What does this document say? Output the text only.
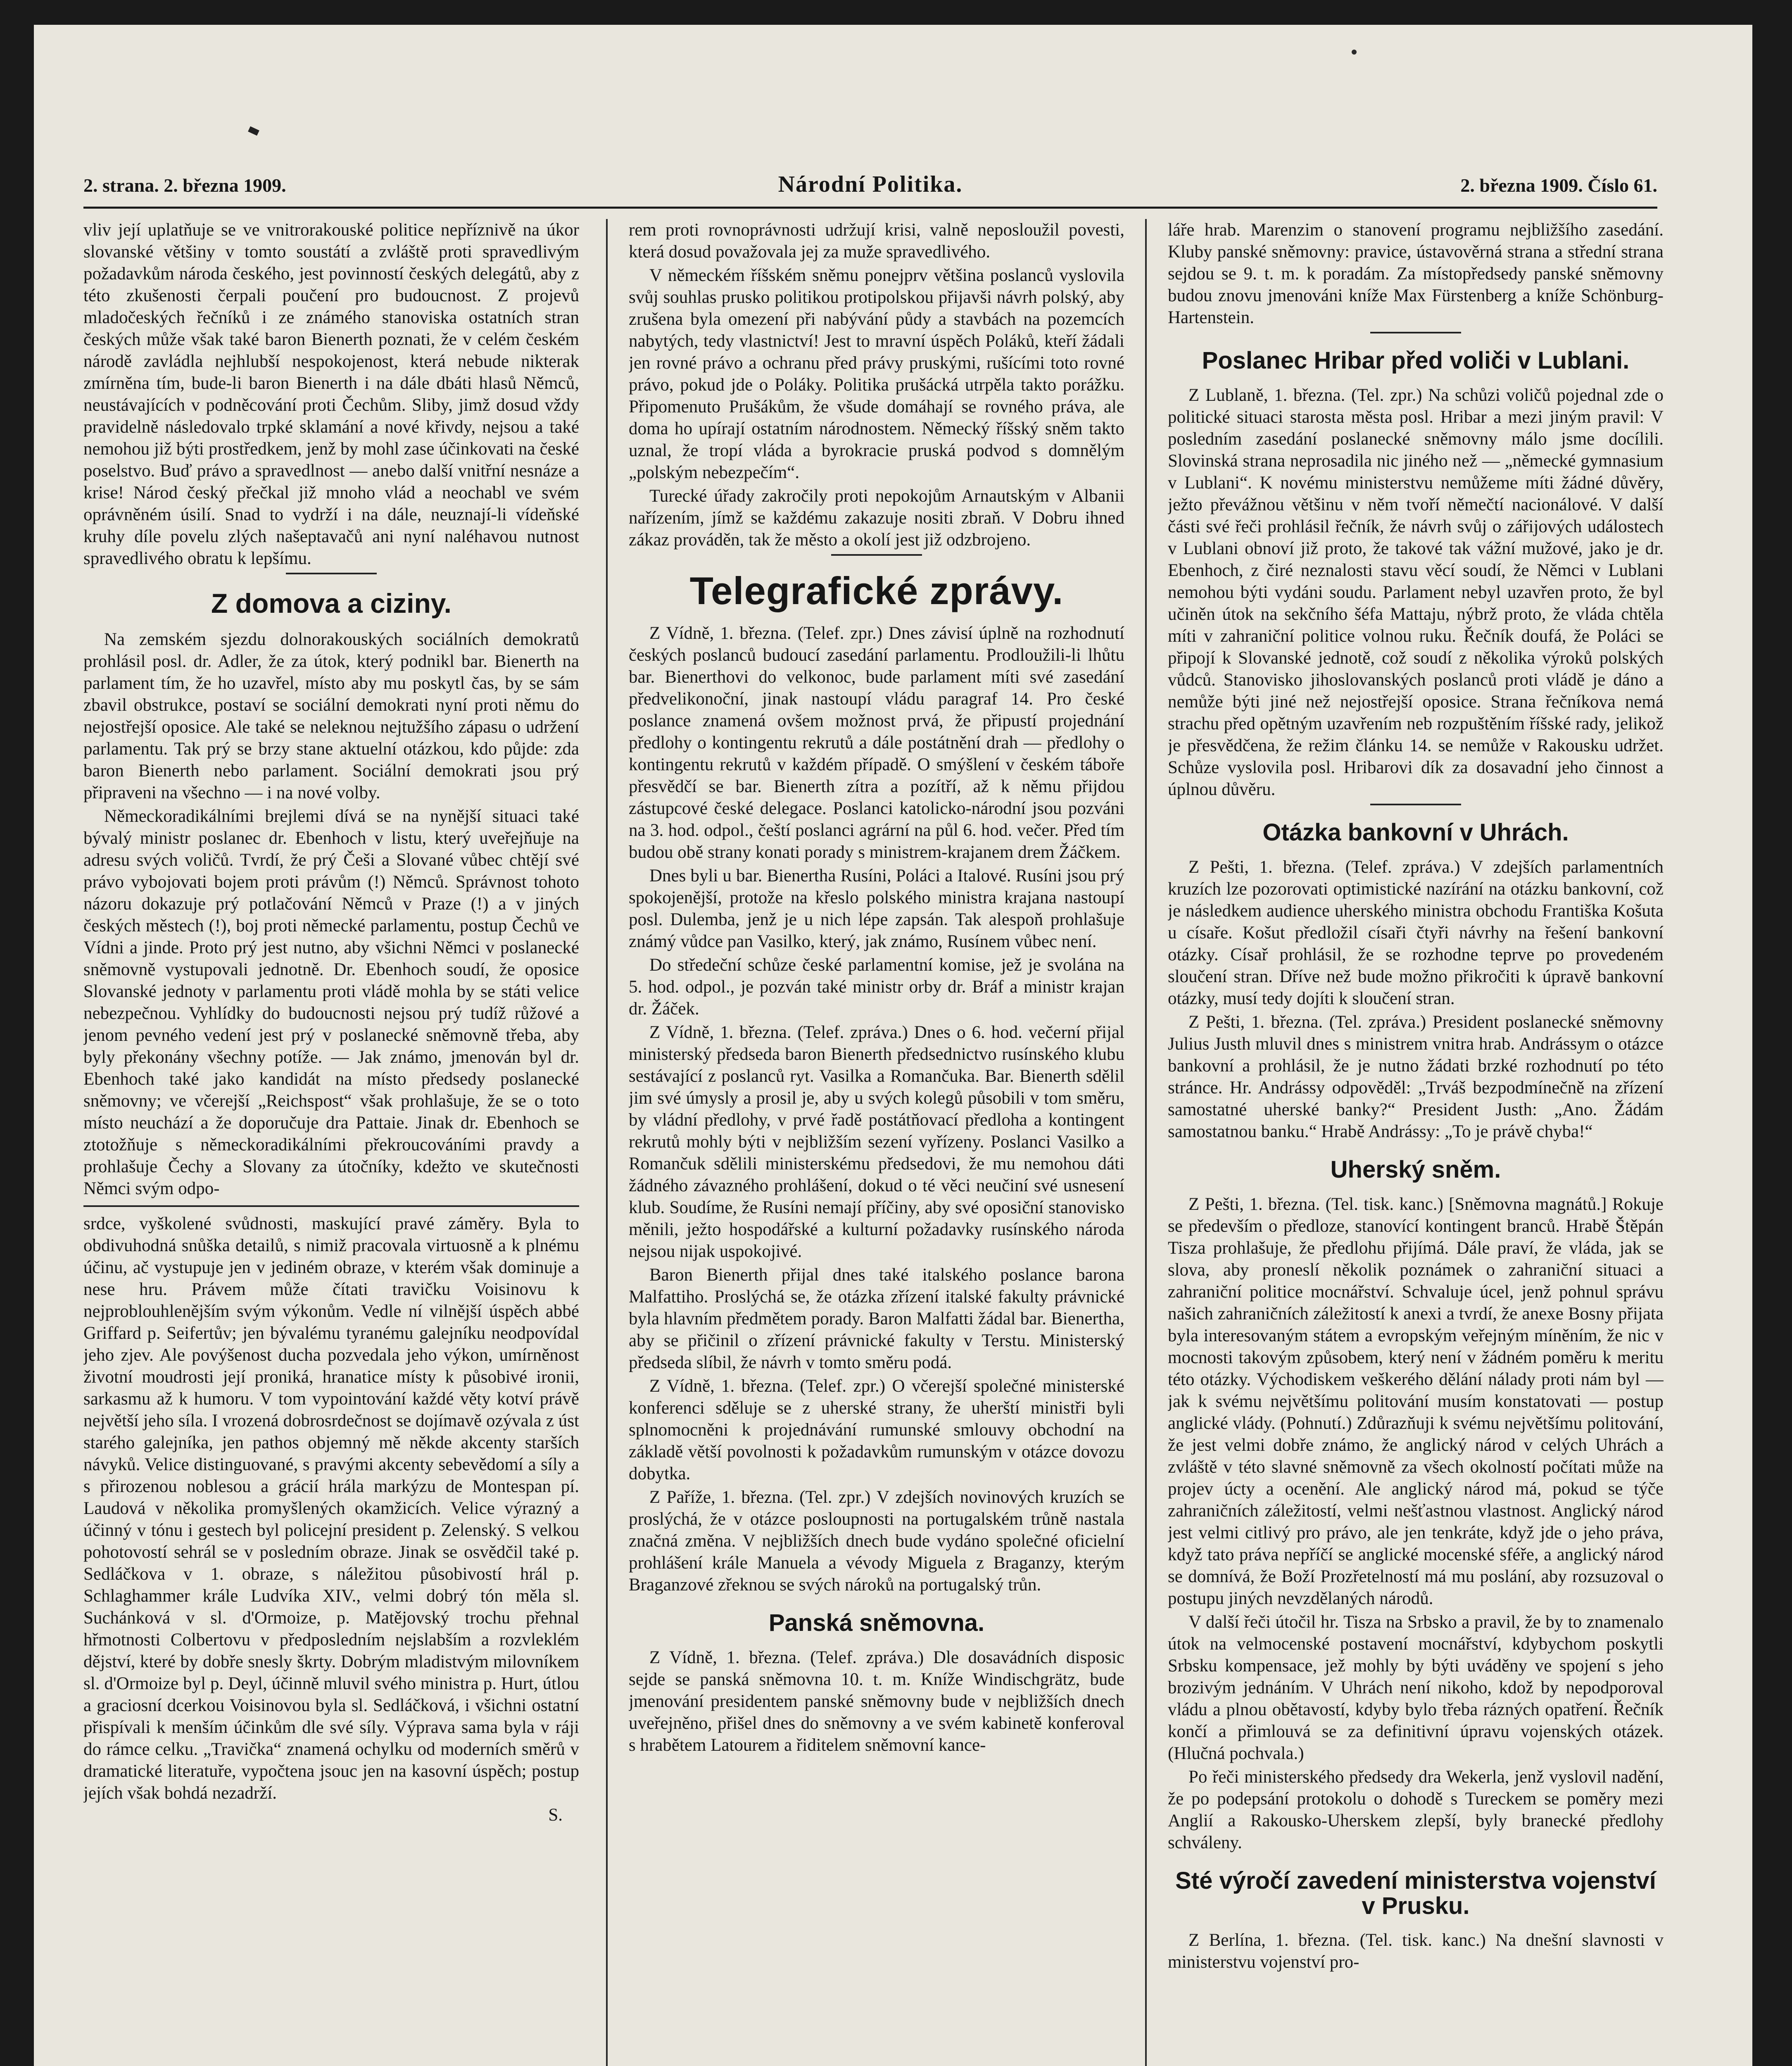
2. strana. 2. března 1909.	Národní Politika.	2. března 1909. Číslo 61.

vliv její uplatňuje se ve vnitrorakouské politice nepříznivě na úkor slovanské většiny v tomto soustátí a zvláště proti spravedlivým požadavkům národa českého, jest povinností českých delegátů, aby z této zkušenosti čerpali poučení pro budoucnost. Z projevů mladočeských řečníků i ze známého stanoviska ostatních stran českých může však také baron Bienerth poznati, že v celém českém národě zavládla nejhlubší nespokojenost, která nebude nikterak zmírněna tím, bude-li baron Bienerth i na dále dbáti hlasů Němců, neustávajících v podněcování proti Čechům. Sliby, jimž dosud vždy pravidelně následovalo trpké sklamání a nové křivdy, nejsou a také nemohou již býti prostředkem, jenž by mohl zase účinkovati na české poselstvo. Buď právo a spravedlnost — anebo další vnitřní nesnáze a krise! Národ český přečkal již mnoho vlád a neochabl ve svém oprávněném úsilí. Snad to vydrží i na dále, neuznají-li vídeňské kruhy díle povelu zlých našeptavačů ani nyní naléhavou nutnost spravedlivého obratu k lepšímu.

Z domova a ciziny.

Na zemském sjezdu dolnorakouských sociálních demokratů prohlásil posl. dr. Adler, že za útok, který podnikl bar. Bienerth na parlament tím, že ho uzavřel, místo aby mu poskytl čas, by se sám zbavil obstrukce, postaví se sociální demokrati nyní proti němu do nejostřejší oposice. Ale také se neleknou nejtužšího zápasu o udržení parlamentu. Tak prý se brzy stane aktuelní otázkou, kdo půjde: zda baron Bienerth nebo parlament. Sociální demokrati jsou prý připraveni na všechno — i na nové volby.

Německoradikálními brejlemi dívá se na nynější situaci také bývalý ministr poslanec dr. Ebenhoch v listu, který uveřejňuje na adresu svých voličů. Tvrdí, že prý Češi a Slované vůbec chtějí své právo vybojovati bojem proti právům (!) Němců. Správnost tohoto názoru dokazuje prý potlačování Němců v Praze (!) a v jiných českých městech (!), boj proti německé parlamentu, postup Čechů ve Vídni a jinde. Proto prý jest nutno, aby všichni Němci v poslanecké sněmovně vystupovali jednotně. Dr. Ebenhoch soudí, že oposice Slovanské jednoty v parlamentu proti vládě mohla by se státi velice nebezpečnou. Vyhlídky do budoucnosti nejsou prý tudíž růžové a jenom pevného vedení jest prý v poslanecké sněmovně třeba, aby byly překonány všechny potíže. — Jak známo, jmenován byl dr. Ebenhoch také jako kandidát na místo předsedy poslanecké sněmovny; ve včerejší „Reichspost“ však prohlašuje, že se o toto místo neuchází a že doporučuje dra Pattaie. Jinak dr. Ebenhoch se ztotožňuje s německoradikálními překroucováními pravdy a prohlašuje Čechy a Slovany za útočníky, kdežto ve skutečnosti Němci svým odpo-

srdce, vyškolené svůdnosti, maskující pravé záměry. Byla to obdivuhodná snůška detailů, s nimiž pracovala virtuosně a k plnému účinu, ač vystupuje jen v jediném obraze, v kterém však dominuje a nese hru. Právem může čítati travičku Voisinovu k nejproblouhlenějším svým výkonům. Vedle ní vilnější úspěch abbé Griffard p. Seifertův; jen bývalému tyranému galejníku neodpovídal jeho zjev. Ale povýšenost ducha pozvedala jeho výkon, umírněnost životní moudrosti její proniká, hranatice místy k působivé ironii, sarkasmu až k humoru. V tom vypointování každé věty kotví právě největší jeho síla. I vrozená dobrosrdečnost se dojímavě ozývala z úst starého galejníka, jen pathos objemný mě někde akcenty starších návyků. Velice distinguované, s pravými akcenty sebevědomí a síly a s přirozenou noblesou a grácií hrála markýzu de Montespan pí. Laudová v několika promyšlených okamžicích. Velice výrazný a účinný v tónu i gestech byl policejní president p. Zelenský. S velkou pohotovostí sehrál se v posledním obraze. Jinak se osvědčil také p. Sedláčkova v 1. obraze, s náležitou působivostí hrál p. Schlaghammer krále Ludvíka XIV., velmi dobrý tón měla sl. Suchánková v sl. d'Ormoize, p. Matějovský trochu přehnal hřmotnosti Colbertovu v předposledním nejslabším a rozvleklém dějství, které by dobře snesly škrty. Dobrým mladistvým milovníkem sl. d'Ormoize byl p. Deyl, účinně mluvil svého ministra p. Hurt, útlou a graciosní dcerkou Voisinovou byla sl. Sedláčková, i všichni ostatní přispívali k menším účinkům dle své síly. Výprava sama byla v ráji do rámce celku. „Travička“ znamená ochylku od moderních směrů v dramatické literatuře, vypočtena jsouc jen na kasovní úspěch; postup jejích však bohdá nezadrží.

S.

rem proti rovnoprávnosti udržují krisi, valně neposloužil povesti, která dosud považovala jej za muže spravedlivého.

V německém říšském sněmu ponejprv většina poslanců vyslovila svůj souhlas prusko politikou protipolskou přijavši návrh polský, aby zrušena byla omezení při nabývání půdy a stavbách na pozemcích nabytých, tedy vlastnictví! Jest to mravní úspěch Poláků, kteří žádali jen rovné právo a ochranu před právy pruskými, rušícími toto rovné právo, pokud jde o Poláky. Politika prušácká utrpěla takto porážku. Připomenuto Prušákům, že všude domáhají se rovného práva, ale doma ho upírají ostatním národnostem. Německý říšský sněm takto uznal, že tropí vláda a byrokracie pruská podvod s domnělým „polským nebezpečím“.

Turecké úřady zakročily proti nepokojům Arnautským v Albanii nařízením, jímž se každému zakazuje nositi zbraň. V Dobru ihned zákaz prováděn, tak že město a okolí jest již odzbrojeno.

Telegrafické zprávy.

Z Vídně, 1. března. (Telef. zpr.) Dnes závisí úplně na rozhodnutí českých poslanců budoucí zasedání parlamentu. Prodloužili-li lhůtu bar. Bienerthovi do velkonoc, bude parlament míti své zasedání předvelikonoční, jinak nastoupí vládu paragraf 14. Pro české poslance znamená ovšem možnost prvá, že připustí projednání předlohy o kontingentu rekrutů a dále postátnění drah — předlohy o kontingentu rekrutů v každém případě. O smýšlení v českém táboře přesvědčí se bar. Bienerth zítra a pozítří, až k němu přijdou zástupcové české delegace. Poslanci katolicko-národní jsou pozváni na 3. hod. odpol., čeští poslanci agrární na půl 6. hod. večer. Před tím budou obě strany konati porady s ministrem-krajanem drem Žáčkem.

Dnes byli u bar. Bienertha Rusíni, Poláci a Italové. Rusíni jsou prý spokojenější, protože na křeslo polského ministra krajana nastoupí posl. Dulemba, jenž je u nich lépe zapsán. Tak alespoň prohlašuje známý vůdce pan Vasilko, který, jak známo, Rusínem vůbec není.

Do středeční schůze české parlamentní komise, jež je svolána na 5. hod. odpol., je pozván také ministr orby dr. Bráf a ministr krajan dr. Žáček.

Z Vídně, 1. března. (Telef. zpráva.) Dnes o 6. hod. večerní přijal ministerský předseda baron Bienerth předsednictvo rusínského klubu sestávající z poslanců ryt. Vasilka a Romančuka. Bar. Bienerth sdělil jim své úmysly a prosil je, aby u svých kolegů působili v tom směru, by vládní předlohy, v prvé řadě postátňovací předloha a kontingent rekrutů mohly býti v nejbližším sezení vyřízeny. Poslanci Vasilko a Romančuk sdělili ministerskému předsedovi, že mu nemohou dáti žádného závazného prohlášení, dokud o té věci neučiní své usnesení klub. Soudíme, že Rusíni nemají příčiny, aby své oposiční stanovisko měnili, ježto hospodářské a kulturní požadavky rusínského národa nejsou nijak uspokojivé.

Baron Bienerth přijal dnes také italského poslance barona Malfattiho. Proslýchá se, že otázka zřízení italské fakulty právnické byla hlavním předmětem porady. Baron Malfatti žádal bar. Bienertha, aby se přičinil o zřízení právnické fakulty v Terstu. Ministerský předseda slíbil, že návrh v tomto směru podá.

Z Vídně, 1. března. (Telef. zpr.) O včerejší společné ministerské konferenci sděluje se z uherské strany, že uherští ministři byli splnomocněni k projednávání rumunské smlouvy obchodní na základě větší povolnosti k požadavkům rumunským v otázce dovozu dobytka.

Z Paříže, 1. března. (Tel. zpr.) V zdejších novinových kruzích se proslýchá, že v otázce posloupnosti na portugalském trůně nastala značná změna. V nejbližších dnech bude vydáno společné oficielní prohlášení krále Manuela a vévody Miguela z Braganzy, kterým Braganzové zřeknou se svých nároků na portugalský trůn.

Panská sněmovna.

Z Vídně, 1. března. (Telef. zpráva.) Dle dosavádních disposic sejde se panská sněmovna 10. t. m. Kníže Windischgrätz, bude jmenování presidentem panské sněmovny bude v nejbližších dnech uveřejněno, přišel dnes do sněmovny a ve svém kabinetě konferoval s hrabětem Latourem a řiditelem sněmovní kance-

láře hrab. Marenzim o stanovení programu nejbližšího zasedání. Kluby panské sněmovny: pravice, ústavověrná strana a střední strana sejdou se 9. t. m. k poradám. Za místopředsedy panské sněmovny budou znovu jmenováni kníže Max Fürstenberg a kníže Schönburg-Hartenstein.

Poslanec Hribar před voliči v Lublani.

Z Lublaně, 1. března. (Tel. zpr.) Na schůzi voličů pojednal zde o politické situaci starosta města posl. Hribar a mezi jiným pravil: V posledním zasedání poslanecké sněmovny málo jsme docílili. Slovinská strana neprosadila nic jiného než — „německé gymnasium v Lublani“. K novému ministerstvu nemůžeme míti žádné důvěry, ježto převážnou většinu v něm tvoří němečtí nacionálové. V další části své řeči prohlásil řečník, že návrh svůj o zářijových událostech v Lublani obnoví již proto, že takové tak vážní mužové, jako je dr. Ebenhoch, z čiré neznalosti stavu věcí soudí, že Němci v Lublani nemohou býti vydáni soudu. Parlament nebyl uzavřen proto, že byl učiněn útok na sekčního šéfa Mattaju, nýbrž proto, že vláda chtěla míti v zahraniční politice volnou ruku. Řečník doufá, že Poláci se připojí k Slovanské jednotě, což soudí z několika výroků polských vůdců. Stanovisko jihoslovanských poslanců proti vládě je dáno a nemůže býti jiné než nejostřejší oposice. Strana řečníkova nemá strachu před opětným uzavřením neb rozpuštěním říšské rady, jelikož je přesvědčena, že režim článku 14. se nemůže v Rakousku udržet. Schůze vyslovila posl. Hribarovi dík za dosavadní jeho činnost a úplnou důvěru.

Otázka bankovní v Uhrách.

Z Pešti, 1. března. (Telef. zpráva.) V zdejších parlamentních kruzích lze pozorovati optimistické nazírání na otázku bankovní, což je následkem audience uherského ministra obchodu Františka Košuta u císaře. Košut předložil císaři čtyři návrhy na řešení bankovní otázky. Císař prohlásil, že se rozhodne teprve po provedeném sloučení stran. Dříve než bude možno přikročiti k úpravě bankovní otázky, musí tedy dojíti k sloučení stran.

Z Pešti, 1. března. (Tel. zpráva.) President poslanecké sněmovny Julius Justh mluvil dnes s ministrem vnitra hrab. Andrássym o otázce bankovní a prohlásil, že je nutno žádati brzké rozhodnutí po této stránce. Hr. Andrássy odpověděl: „Trváš bezpodmínečně na zřízení samostatné uherské banky?“ President Justh: „Ano. Žádám samostatnou banku.“ Hrabě Andrássy: „To je právě chyba!“

Uherský sněm.

Z Pešti, 1. března. (Tel. tisk. kanc.) [Sněmovna magnátů.] Rokuje se především o předloze, stanovící kontingent branců. Hrabě Štěpán Tisza prohlašuje, že předlohu přijímá. Dále praví, že vláda, jak se slova, aby proneslí několik poznámek o zahraniční situaci a zahraniční politice mocnářství. Schvaluje úcel, jenž pohnul správu našich zahraničních záležitostí k anexi a tvrdí, že anexe Bosny přijata byla interesovaným státem a evropským veřejným míněním, že nic v mocnosti takovým způsobem, který není v žádném poměru k meritu této otázky. Východiskem veškerého dělání nálady proti nám byl — jak k svému největšímu politování musím konstatovati — postup anglické vlády. (Pohnutí.) Zdůrazňuji k svému největšímu politování, že jest velmi dobře známo, že anglický národ v celých Uhrách a zvláště v této slavné sněmovně za všech okolností počítati může na projev úcty a ocenění. Ale anglický národ má, pokud se týče zahraničních záležitostí, velmi nešťastnou vlastnost. Anglický národ jest velmi citlivý pro právo, ale jen tenkráte, když jde o jeho práva, když tato práva nepříčí se anglické mocenské sféře, a anglický národ se domnívá, že Boží Prozřetelností má mu poslání, aby rozsuzoval o postupu jiných nevzdělaných národů.

V další řeči útočil hr. Tisza na Srbsko a pravil, že by to znamenalo útok na velmocenské postavení mocnářství, kdybychom poskytli Srbsku kompensace, jež mohly by býti uváděny ve spojení s jeho brozivým jednáním. V Uhrách není nikoho, kdož by nepodporoval vládu a plnou obětavostí, kdyby bylo třeba rázných opatření. Řečník končí a přimlouvá se za definitivní úpravu vojenských otázek. (Hlučná pochvala.)

Po řeči ministerského předsedy dra Wekerla, jenž vyslovil nadění, že po podepsání protokolu o dohodě s Tureckem se poměry mezi Anglií a Rakousko-Uherskem zlepší, byly branecké předlohy schváleny.

Sté výročí zavedení ministerstva vojenství v Prusku.

Z Berlína, 1. března. (Tel. tisk. kanc.) Na dnešní slavnosti v ministerstvu vojenství pro-
